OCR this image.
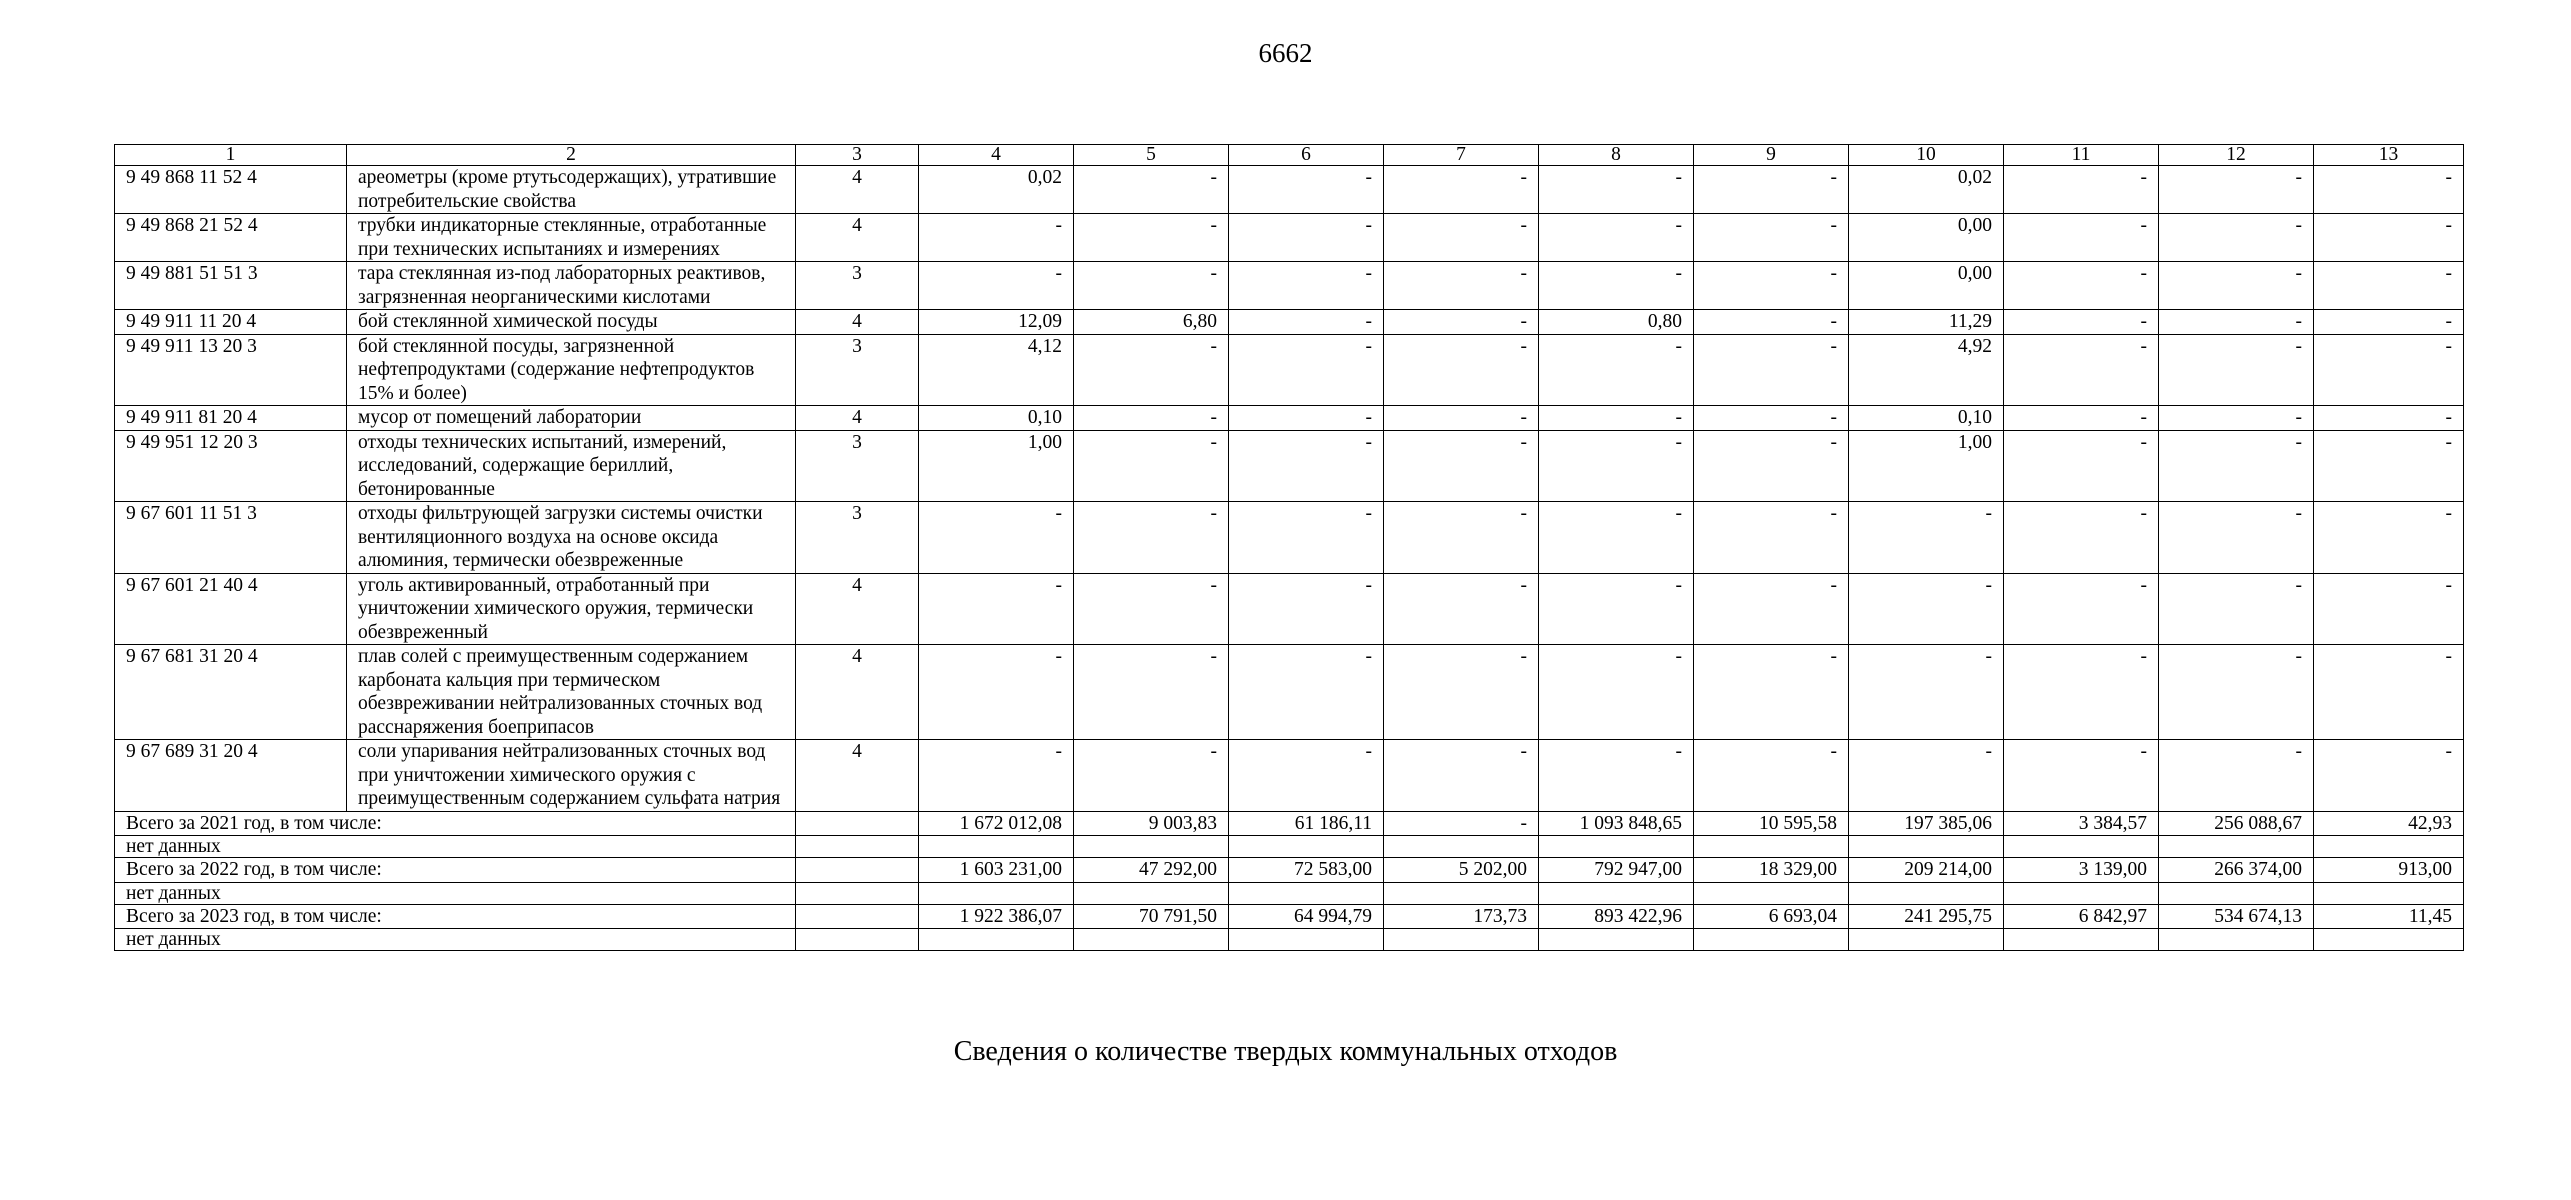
6662
1	2	3	4	5	6	7	8	9	10	11	12	13
9 49 868 11 52 4	ареометры (кроме ртутьсодержащих), утратившие потребительские свойства	4	0,02	-	-	-	-	-	0,02	-	-	-
9 49 868 21 52 4	трубки индикаторные стеклянные, отработанные при технических испытаниях и измерениях	4	-	-	-	-	-	-	0,00	-	-	-
9 49 881 51 51 3	тара стеклянная из-под лабораторных реактивов, загрязненная неорганическими кислотами	3	-	-	-	-	-	-	0,00	-	-	-
9 49 911 11 20 4	бой стеклянной химической посуды	4	12,09	6,80	-	-	0,80	-	11,29	-	-	-
9 49 911 13 20 3	бой стеклянной посуды, загрязненной нефтепродуктами (содержание нефтепродуктов 15% и более)	3	4,12	-	-	-	-	-	4,92	-	-	-
9 49 911 81 20 4	мусор от помещений лаборатории	4	0,10	-	-	-	-	-	0,10	-	-	-
9 49 951 12 20 3	отходы технических испытаний, измерений, исследований, содержащие бериллий, бетонированные	3	1,00	-	-	-	-	-	1,00	-	-	-
9 67 601 11 51 3	отходы фильтрующей загрузки системы очистки вентиляционного воздуха на основе оксида алюминия, термически обезвреженные	3	-	-	-	-	-	-	-	-	-	-
9 67 601 21 40 4	уголь активированный, отработанный при уничтожении химического оружия, термически обезвреженный	4	-	-	-	-	-	-	-	-	-	-
9 67 681 31 20 4	плав солей с преимущественным содержанием карбоната кальция при термическом обезвреживании нейтрализованных сточных вод расснаряжения боеприпасов	4	-	-	-	-	-	-	-	-	-	-
9 67 689 31 20 4	соли упаривания нейтрализованных сточных вод при уничтожении химического оружия с преимущественным содержанием сульфата натрия	4	-	-	-	-	-	-	-	-	-	-
Всего за 2021 год, в том числе:			1 672 012,08	9 003,83	61 186,11	-	1 093 848,65	10 595,58	197 385,06	3 384,57	256 088,67	42,93
нет данных												
Всего за 2022 год, в том числе:			1 603 231,00	47 292,00	72 583,00	5 202,00	792 947,00	18 329,00	209 214,00	3 139,00	266 374,00	913,00
нет данных												
Всего за 2023 год, в том числе:			1 922 386,07	70 791,50	64 994,79	173,73	893 422,96	6 693,04	241 295,75	6 842,97	534 674,13	11,45
нет данных												
Сведения о количестве твердых коммунальных отходов
